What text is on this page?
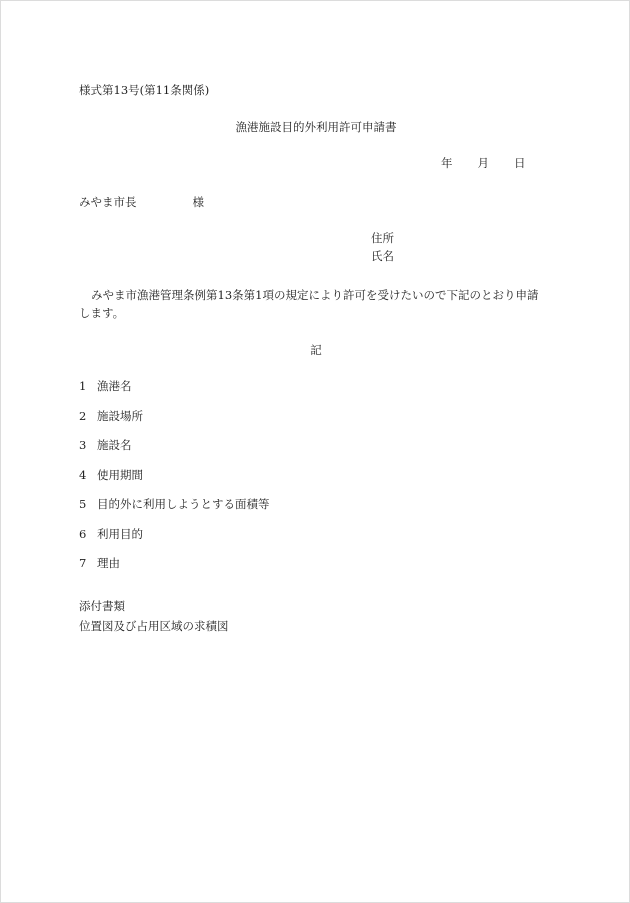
様式第13号(第11条関係)
漁港施設目的外利用許可申請書
年 月 日
みやま市長	様
住所
氏名
みやま市漁港管理条例第13条第1項の規定により許可を受けたいので下記のとおり申請します。
記
1 漁港名
2 施設場所
3 施設名
4 使用期間
5 目的外に利用しようとする面積等
6 利用目的
7 理由
添付書類
位置図及び占用区域の求積図
